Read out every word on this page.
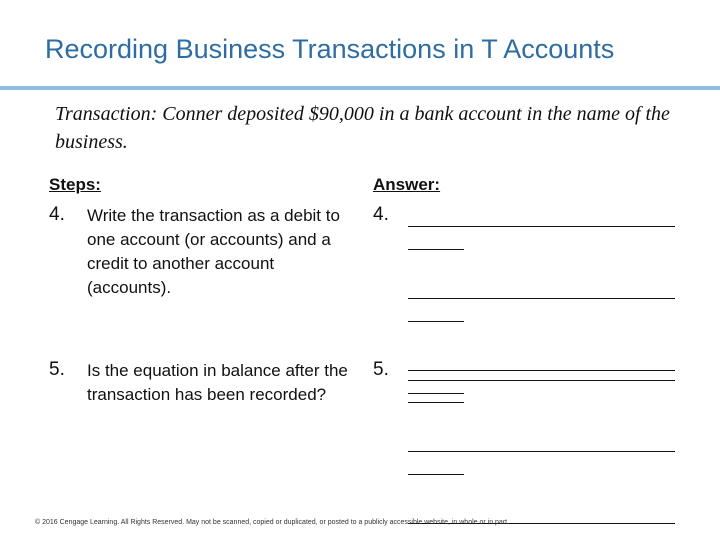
Recording Business Transactions in T Accounts
Transaction: Conner deposited $90,000 in a bank account in the name of the business.
Steps:	Answer:
4. Write the transaction as a debit to one account (or accounts) and a credit to another account (accounts).
5. Is the equation in balance after the transaction has been recorded?
4.
5.
© 2016 Cengage Learning. All Rights Reserved. May not be scanned, copied or duplicated, or posted to a publicly accessible website, in whole or in part.
